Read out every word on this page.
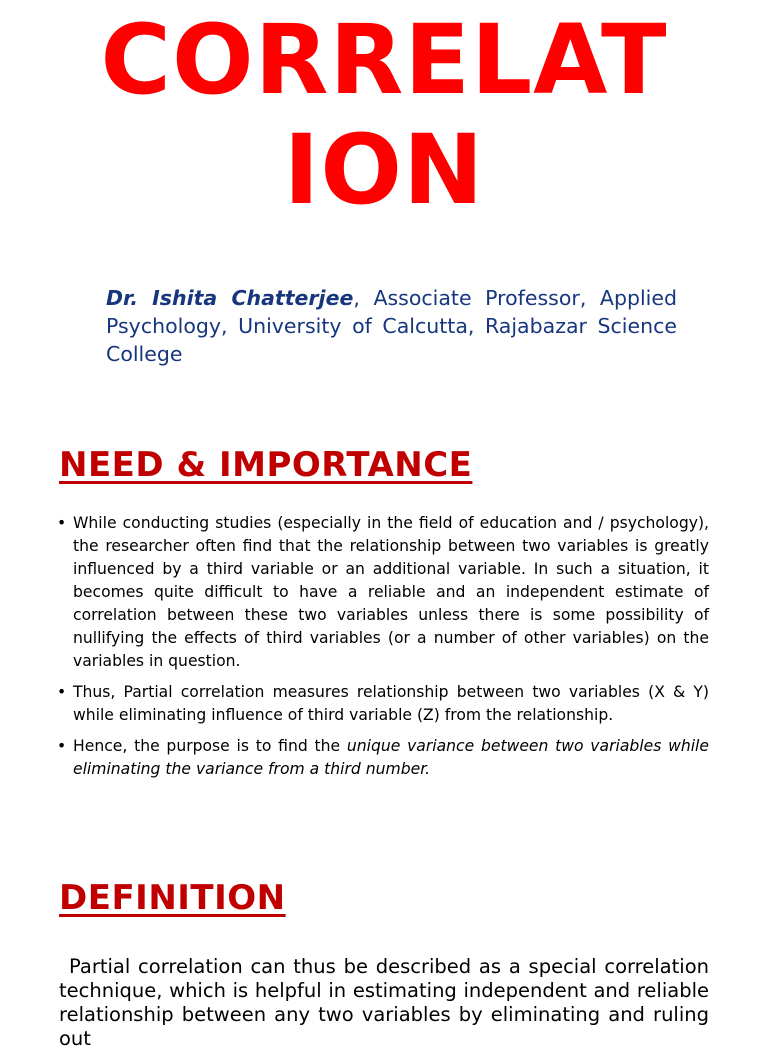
CORRELAT
ION

Dr. Ishita Chatterjee, Associate Professor, Applied Psychology, University of Calcutta, Rajabazar Science College

NEED & IMPORTANCE
• While conducting studies (especially in the field of education and / psychology), the researcher often find that the relationship between two variables is greatly influenced by a third variable or an additional variable. In such a situation, it becomes quite difficult to have a reliable and an independent estimate of correlation between these two variables unless there is some possibility of nullifying the effects of third variables (or a number of other variables) on the variables in question.
• Thus, Partial correlation measures relationship between two variables (X & Y) while eliminating influence of third variable (Z) from the relationship.
• Hence, the purpose is to find the unique variance between two variables while eliminating the variance from a third number.
DEFINITION

Partial correlation can thus be described as a special correlation technique, which is helpful in estimating independent and reliable relationship between any two variables by eliminating and ruling out
